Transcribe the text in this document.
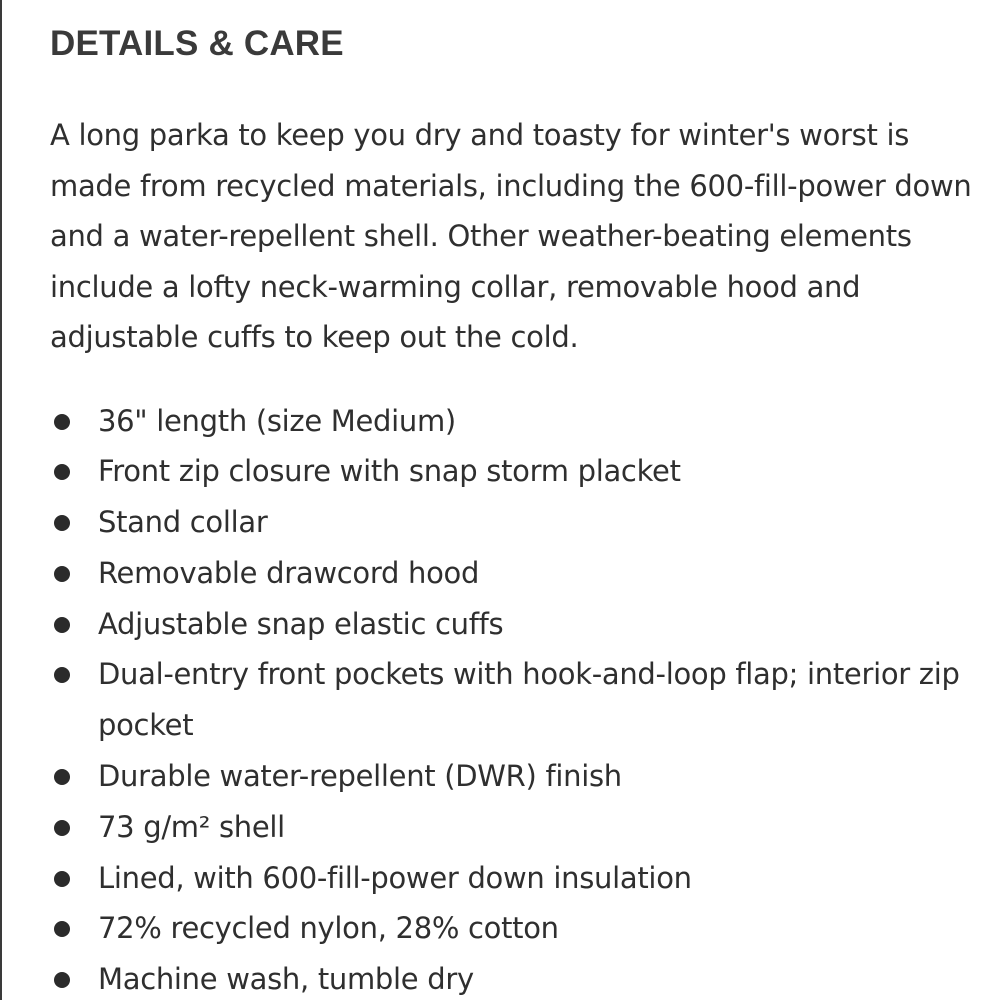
DETAILS & CARE

A long parka to keep you dry and toasty for winter's worst is made from recycled materials, including the 600-fill-power down and a water-repellent shell. Other weather-beating elements include a lofty neck-warming collar, removable hood and adjustable cuffs to keep out the cold.

36" length (size Medium)
Front zip closure with snap storm placket
Stand collar
Removable drawcord hood
Adjustable snap elastic cuffs
Dual-entry front pockets with hook-and-loop flap; interior zip pocket
Durable water-repellent (DWR) finish
73 g/m² shell
Lined, with 600-fill-power down insulation
72% recycled nylon, 28% cotton
Machine wash, tumble dry
